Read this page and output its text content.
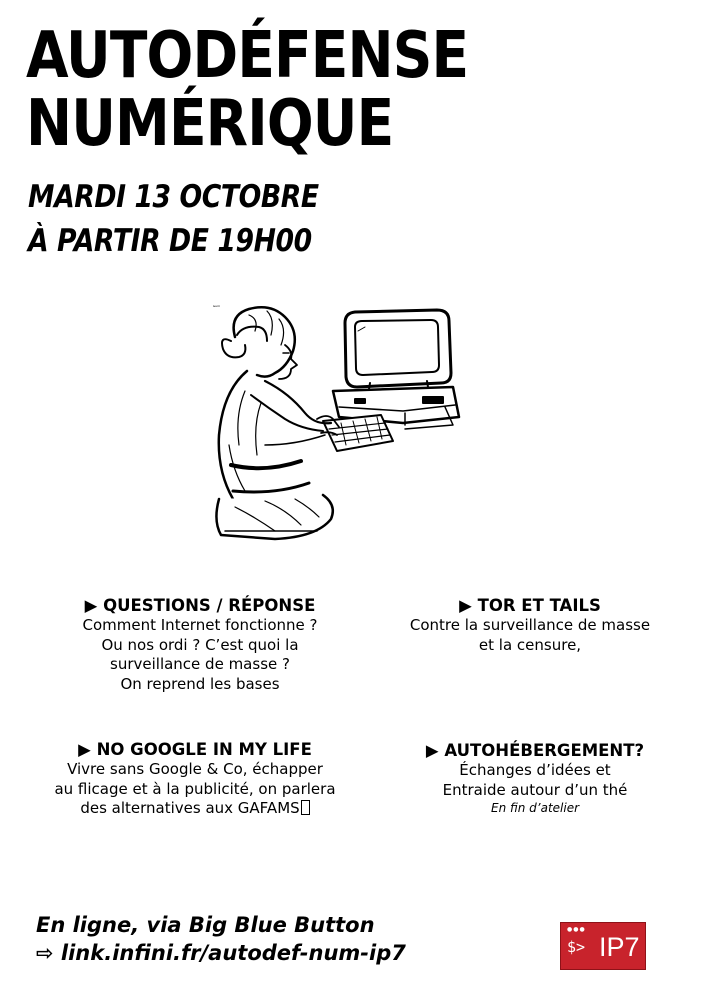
AUTODÉFENSE
NUMÉRIQUE
MARDI 13 OCTOBRE
À PARTIR DE 19H00
ᶰᵘᵐ
▶ QUESTIONS / RÉPONSE

Comment Internet fonctionne ?

Ou nos ordi ? C’est quoi la

surveillance de masse ?

On reprend les bases

▶ TOR ET TAILS

Contre la surveillance de masse

et la censure,

▶ NO GOOGLE IN MY LIFE

Vivre sans Google & Co, échapper

au flicage et à la publicité, on parlera

des alternatives aux GAFAMS

▶ AUTOHÉBERGEMENT?

Échanges d’idées et

Entraide autour d’un thé

En fin d’atelier

En ligne, via Big Blue Button
⇨ link.infini.fr/autodef-num-ip7
●●●
$> IP7
